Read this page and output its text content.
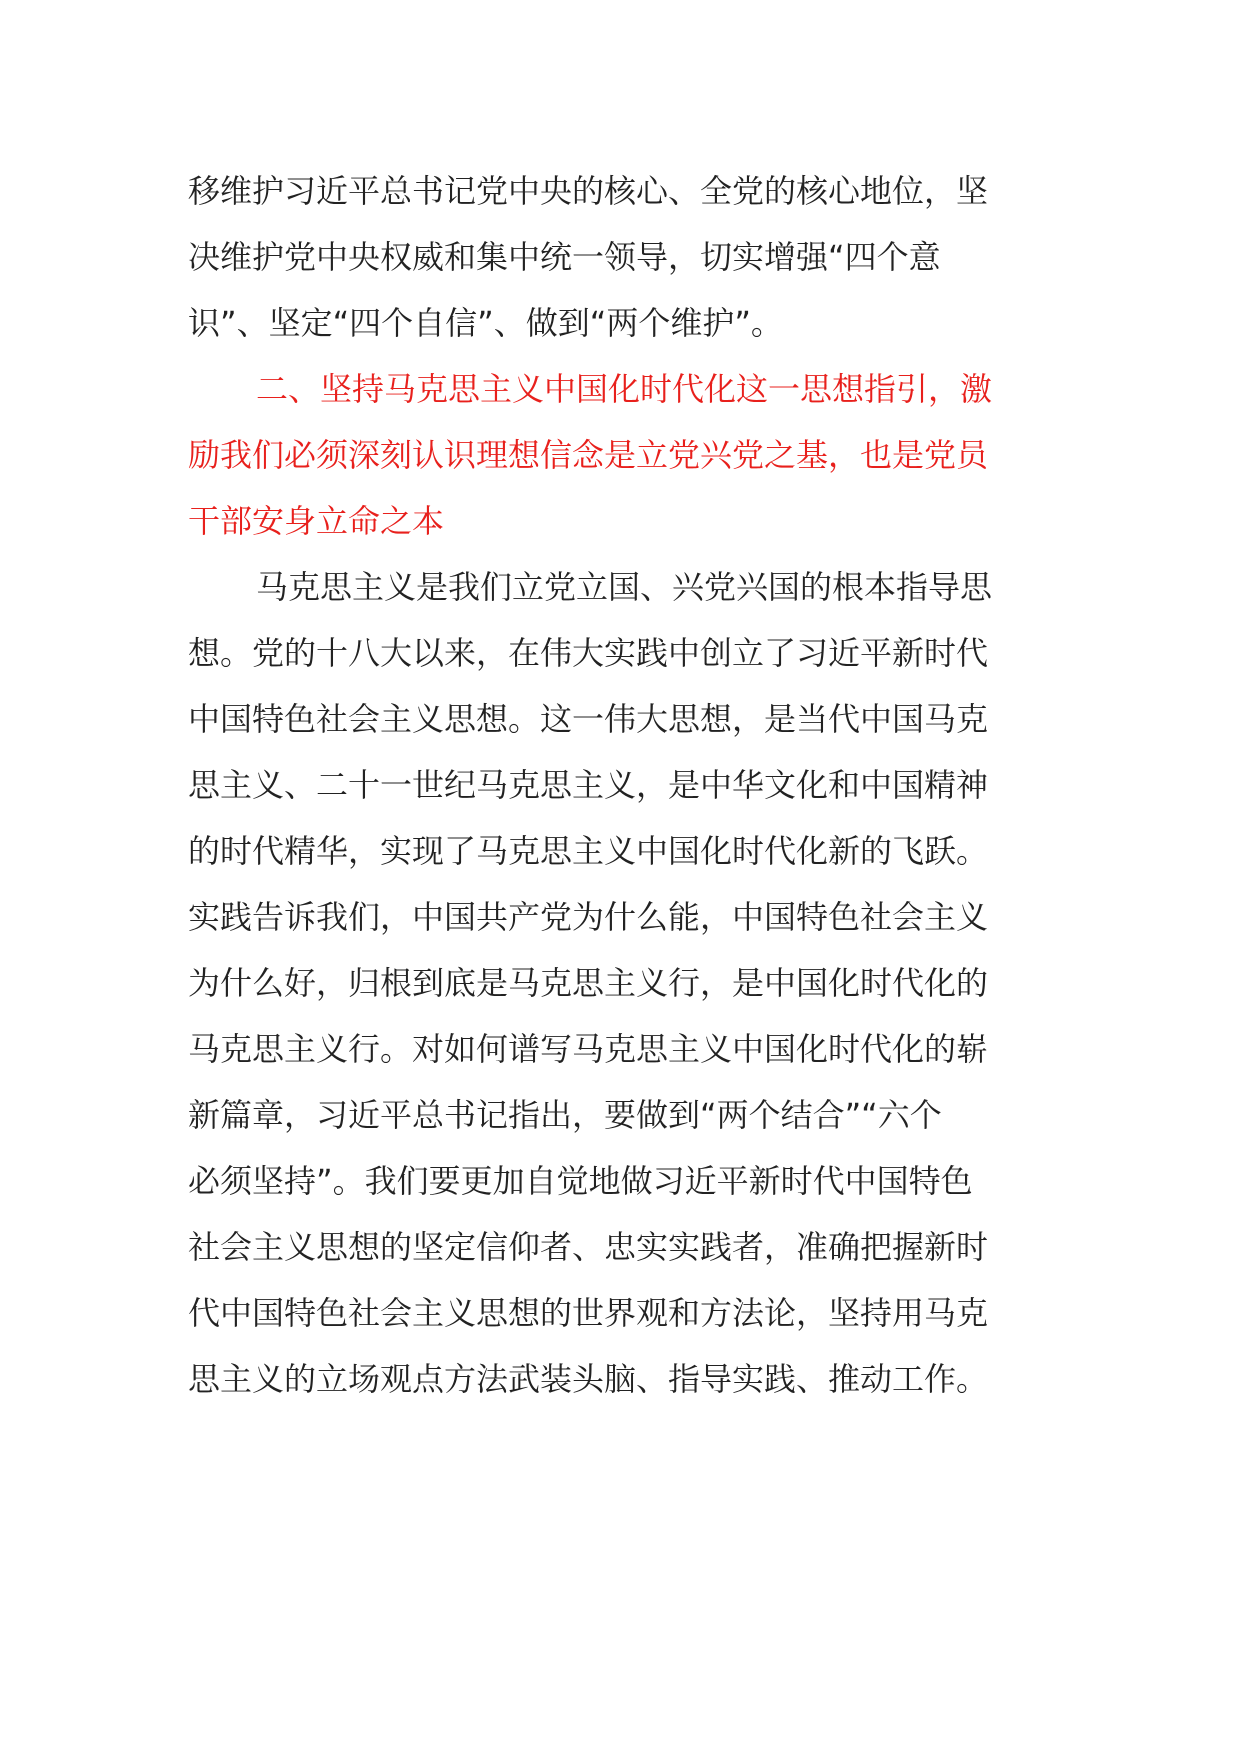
移维护习近平总书记党中央的核心、全党的核心地位，坚
决维护党中央权威和集中统一领导，切实增强“四个意
识”、坚定“四个自信”、做到“两个维护”。
二、坚持马克思主义中国化时代化这一思想指引，激
励我们必须深刻认识理想信念是立党兴党之基，也是党员
干部安身立命之本
马克思主义是我们立党立国、兴党兴国的根本指导思
想。党的十八大以来，在伟大实践中创立了习近平新时代
中国特色社会主义思想。这一伟大思想，是当代中国马克
思主义、二十一世纪马克思主义，是中华文化和中国精神
的时代精华，实现了马克思主义中国化时代化新的飞跃。
实践告诉我们，中国共产党为什么能，中国特色社会主义
为什么好，归根到底是马克思主义行，是中国化时代化的
马克思主义行。对如何谱写马克思主义中国化时代化的崭
新篇章，习近平总书记指出，要做到“两个结合”“六个
必须坚持”。我们要更加自觉地做习近平新时代中国特色
社会主义思想的坚定信仰者、忠实实践者，准确把握新时
代中国特色社会主义思想的世界观和方法论，坚持用马克
思主义的立场观点方法武装头脑、指导实践、推动工作。
